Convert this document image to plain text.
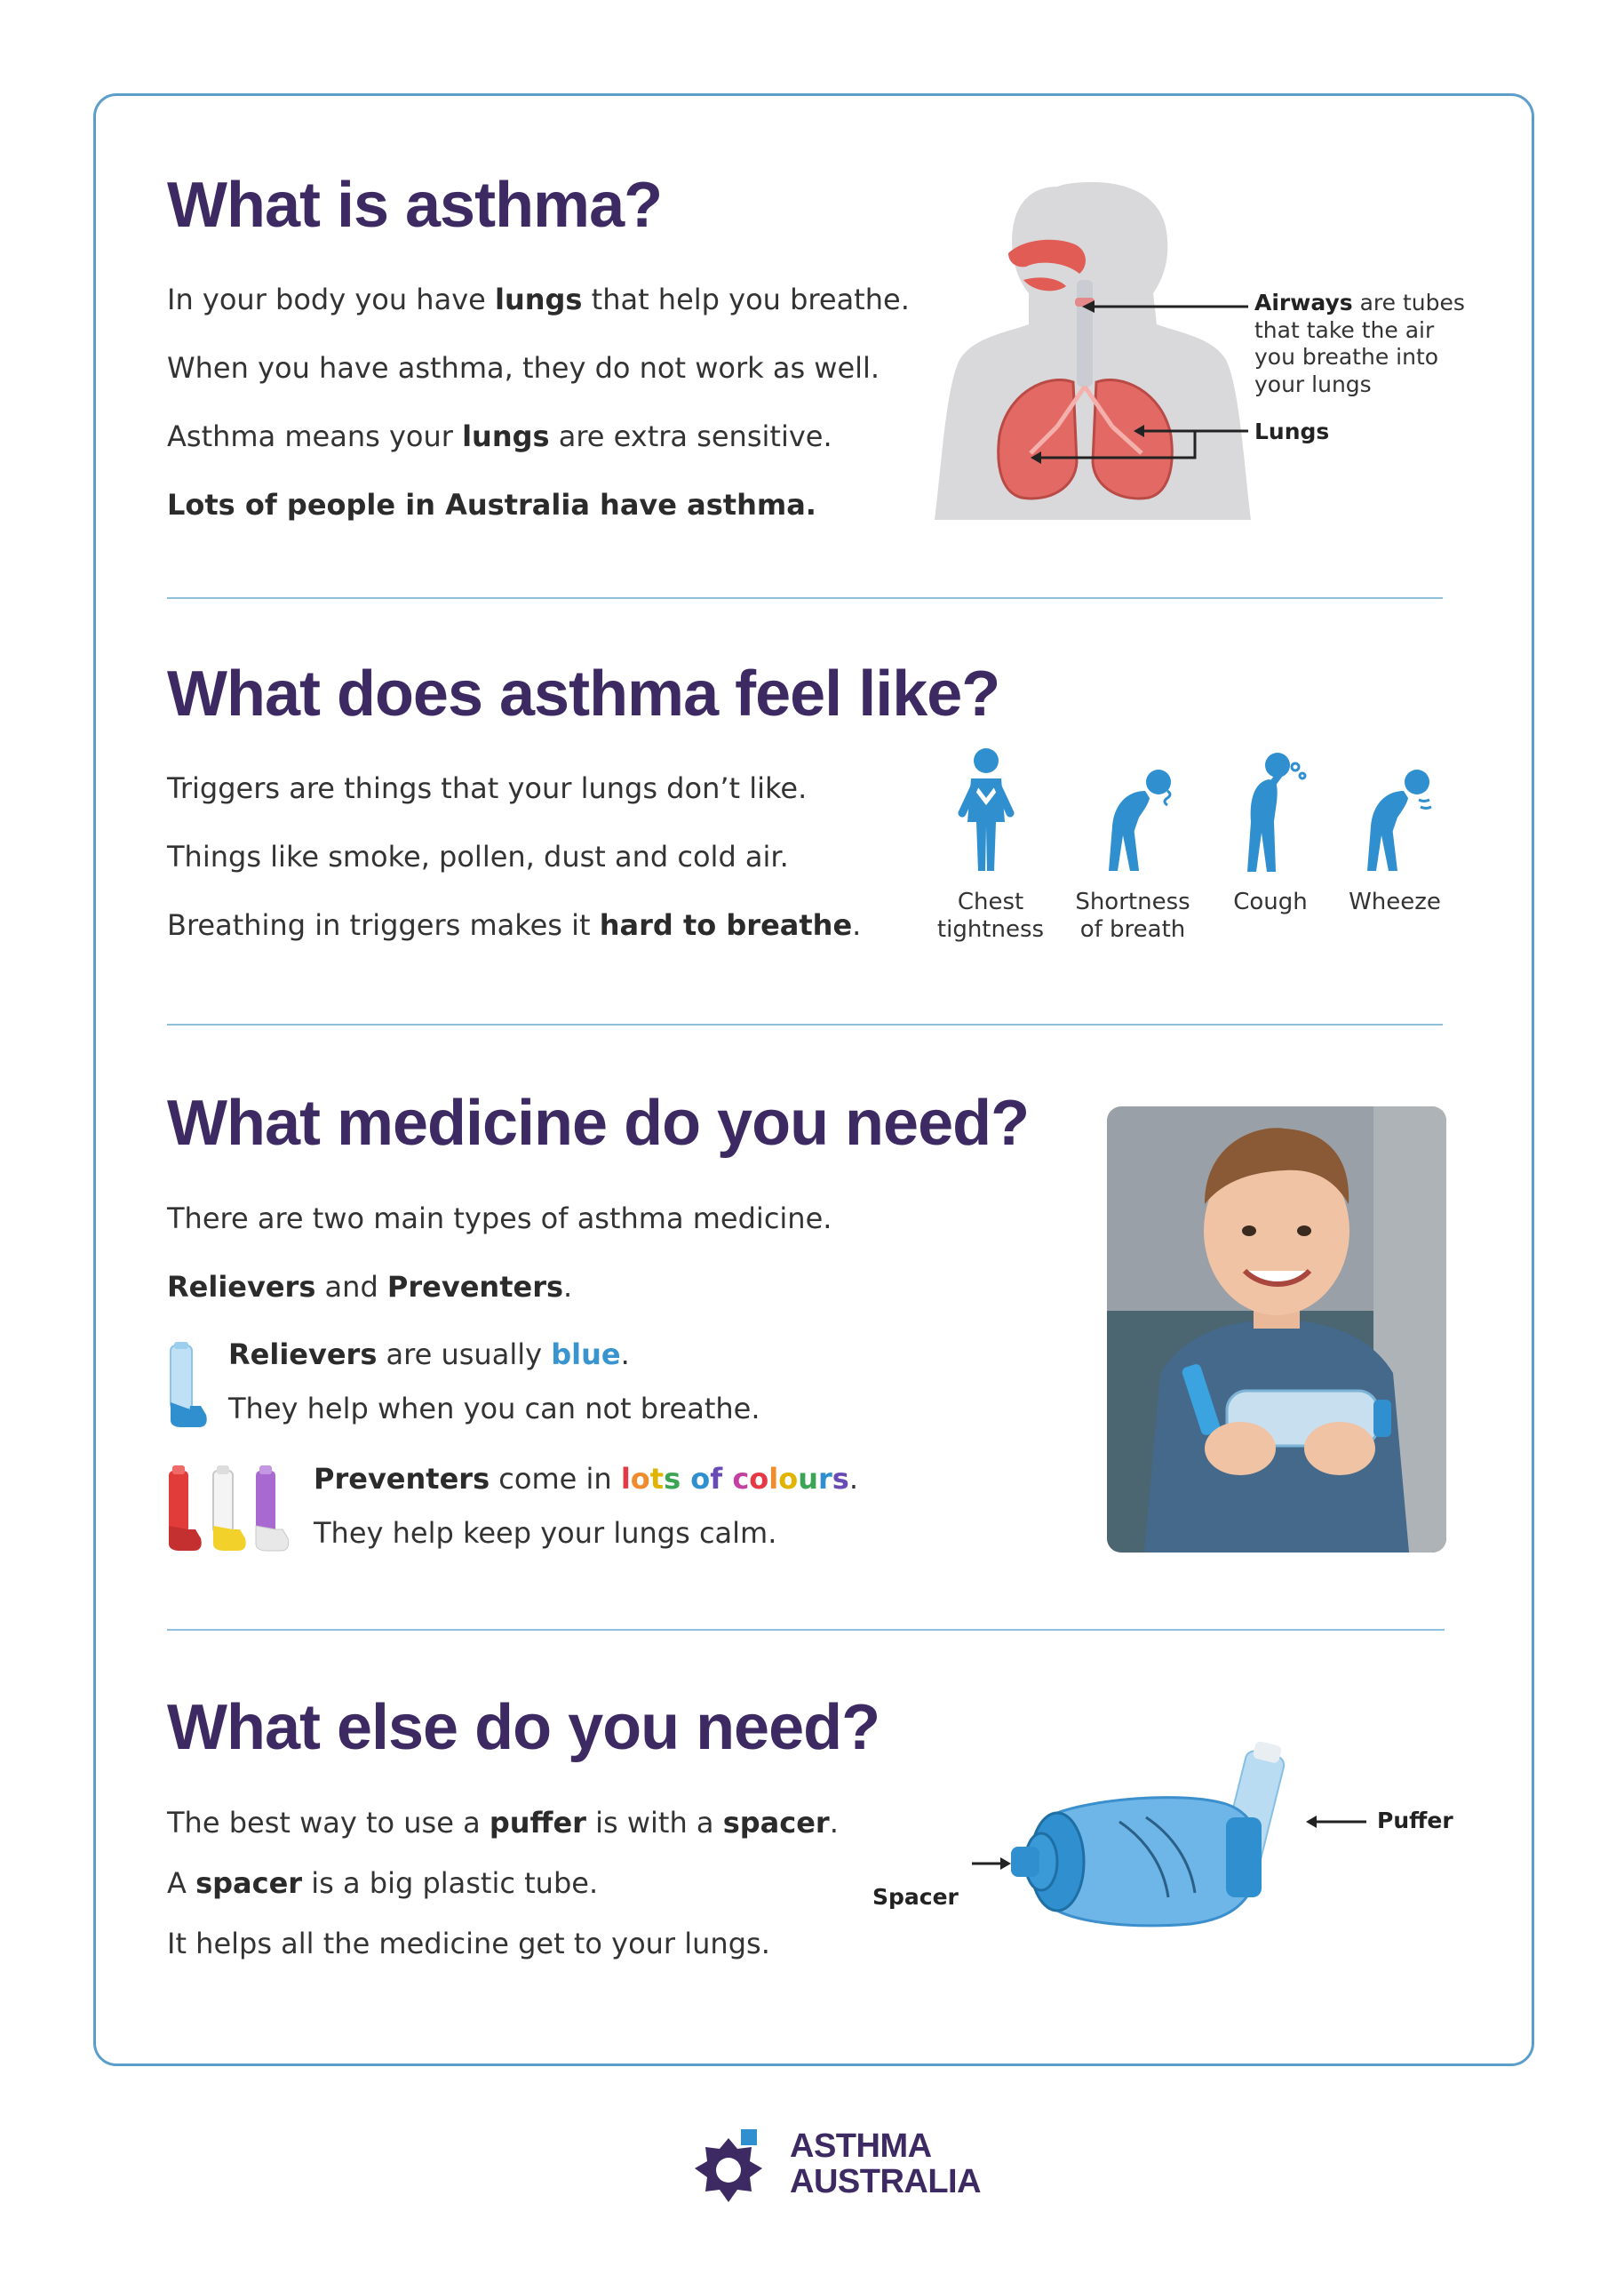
What is asthma?
In your body you have lungs that help you breathe.
When you have asthma, they do not work as well.
Asthma means your lungs are extra sensitive.
Lots of people in Australia have asthma.
Airways are tubes
that take the air
you breathe into
your lungs
Lungs
What does asthma feel like?
Triggers are things that your lungs don’t like.
Things like smoke, pollen, dust and cold air.
Breathing in triggers makes it hard to breathe.
Chest
tightness
Shortness
of breath
Cough	Wheeze
What medicine do you need?
There are two main types of asthma medicine.
Relievers and Preventers.
Relievers are usually blue.
They help when you can not breathe.
Preventers come in lots of colours.
They help keep your lungs calm.
What else do you need?
The best way to use a puffer is with a spacer.
A spacer is a big plastic tube.
It helps all the medicine get to your lungs.
Puffer
Spacer
ASTHMA
AUSTRALIA
